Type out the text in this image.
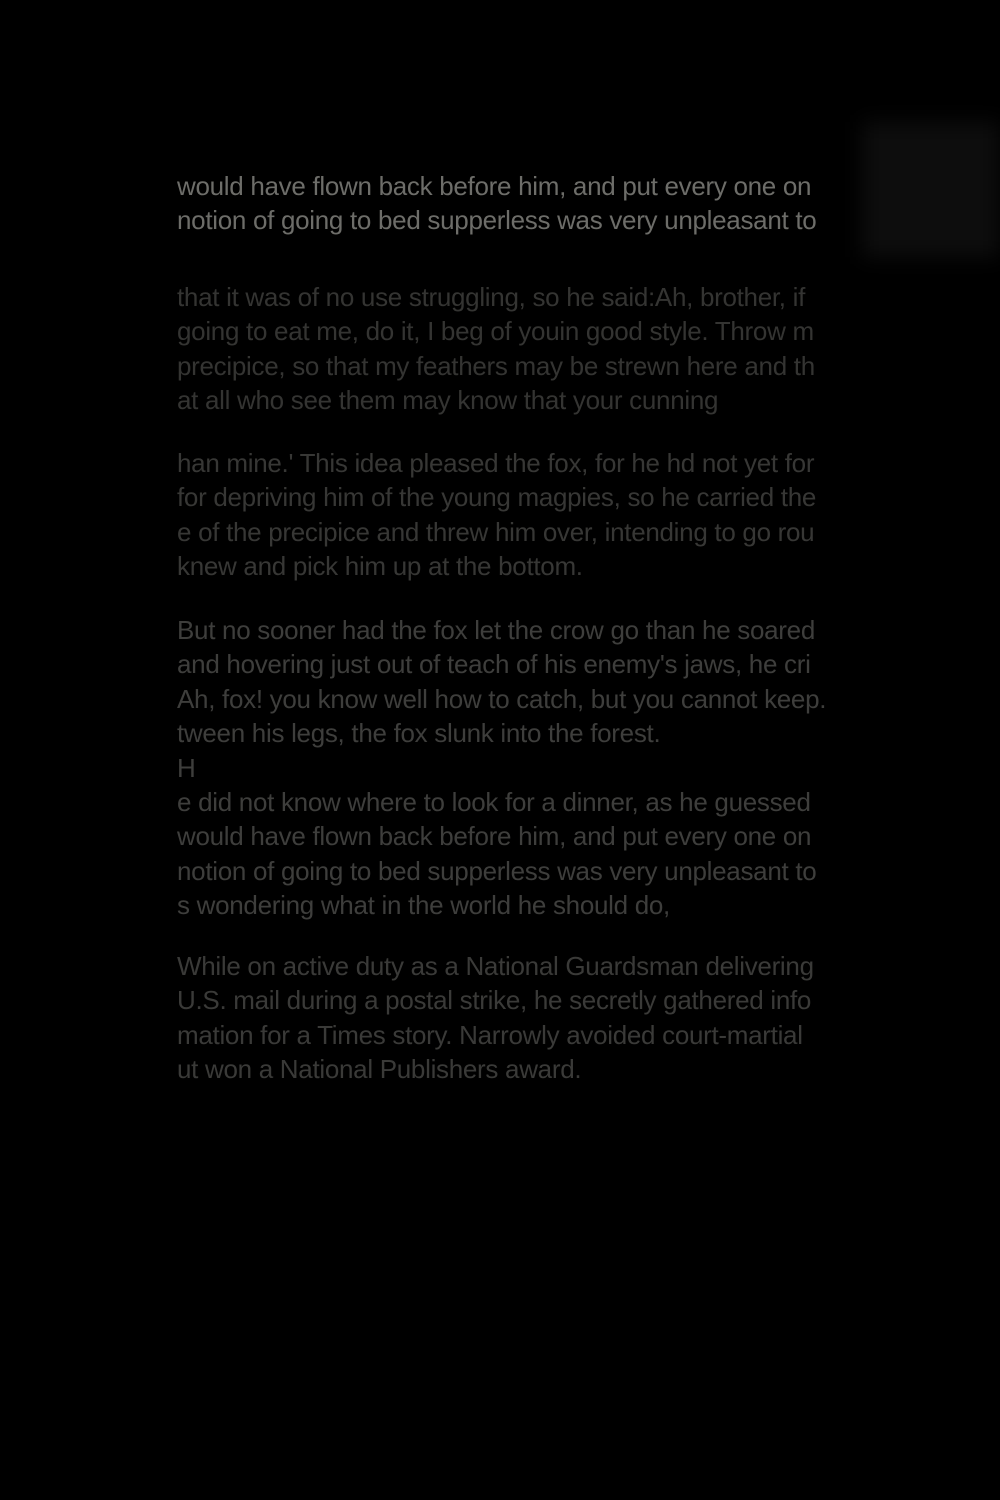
would have flown back before him, and put every one on
notion of going to bed supperless was very unpleasant to
that it was of no use struggling, so he said:Ah, brother, if
going to eat me, do it, I beg of youin good style. Throw m
precipice, so that my feathers may be strewn here and th
at all who see them may know that your cunning
han mine.' This idea pleased the fox, for he hd not yet for
for depriving him of the young magpies, so he carried the
e of the precipice and threw him over, intending to go rou
knew and pick him up at the bottom.
But no sooner had the fox let the crow go than he soared
and hovering just out of teach of his enemy's jaws, he cri
Ah, fox! you know well how to catch, but you cannot keep.
tween his legs, the fox slunk into the forest.
H
e did not know where to look for a dinner, as he guessed
would have flown back before him, and put every one on
notion of going to bed supperless was very unpleasant to
s wondering what in the world he should do,
While on active duty as a National Guardsman delivering
U.S. mail during a postal strike, he secretly gathered info
mation for a Times story. Narrowly avoided court-martial
ut won a National Publishers award.
